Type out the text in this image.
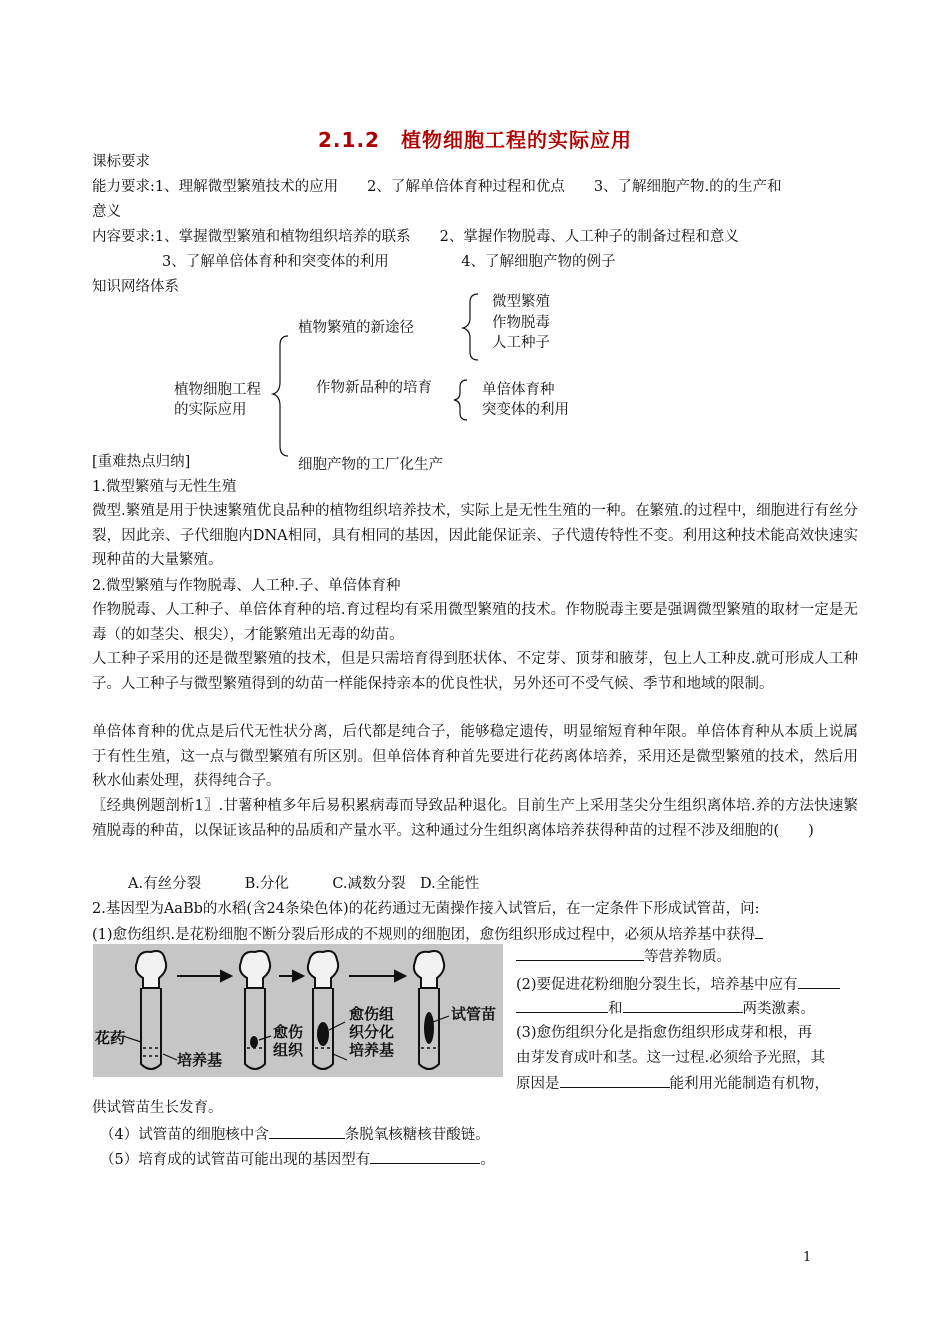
2.1.2　植物细胞工程的实际应用
课标要求
能力要求:1、理解微型繁殖技术的应用　　2、了解单倍体育种过程和优点　　3、了解细胞产物.的的生产和
意义
内容要求:1、掌握微型繁殖和植物组织培养的联系　　2、掌握作物脱毒、人工种子的制备过程和意义
3、了解单倍体育种和突变体的利用　　　　　4、了解细胞产物的例子
知识网络体系
植物细胞工程
的实际应用
植物繁殖的新途径
微型繁殖
作物脱毒
人工种子
作物新品种的培育	单倍体育种
突变体的利用
细胞产物的工厂化生产
[重难热点归纳]
1.微型繁殖与无性生殖
微型.繁殖是用于快速繁殖优良品种的植物组织培养技术，实际上是无性生殖的一种。在繁殖.的过程中，细胞进行有丝分裂，因此亲、子代细胞内DNA相同，具有相同的基因，因此能保证亲、子代遗传特性不变。利用这种技术能高效快速实现种苗的大量繁殖。
2.微型繁殖与作物脱毒、人工种.子、单倍体育种
作物脱毒、人工种子、单倍体育种的培.育过程均有采用微型繁殖的技术。作物脱毒主要是强调微型繁殖的取材一定是无毒（的如茎尖、根尖），才能繁殖出无毒的幼苗。
人工种子采用的还是微型繁殖的技术，但是只需培育得到胚状体、不定芽、顶芽和腋芽，包上人工种皮.就可形成人工种子。人工种子与微型繁殖得到的幼苗一样能保持亲本的优良性状，另外还可不受气候、季节和地域的限制。
单倍体育种的优点是后代无性状分离，后代都是纯合子，能够稳定遗传，明显缩短育种年限。单倍体育种从本质上说属于有性生殖，这一点与微型繁殖有所区别。但单倍体育种首先要进行花药离体培养，采用还是微型繁殖的技术，然后用秋水仙素处理，获得纯合子。
〖经典例题剖析1〗.甘薯种植多年后易积累病毒而导致品种退化。目前生产上采用茎尖分生组织离体培.养的方法快速繁殖脱毒的种苗，以保证该品种的品质和产量水平。这种通过分生组织离体培养获得种苗的过程不涉及细胞的(　　)
A.有丝分裂　　　B.分化　　　C.减数分裂　D.全能性
2.基因型为AaBb的水稻(含24条染色体)的花药通过无菌操作接入试管后，在一定条件下形成试管苗，问:
(1)愈伤组织.是花粉细胞不断分裂后形成的不规则的细胞团，愈伤组织形成过程中，必须从培养基中获得
等营养物质。
(2)要促进花粉细胞分裂生长，培养基中应有
和	两类激素。
(3)愈伤组织分化是指愈伤组织形成芽和根，再
由芽发育成叶和茎。这一过程.必须给予光照，其
原因是	能利用光能制造有机物，
供试管苗生长发育。
（4）试管苗的细胞核中含	条脱氧核糖核苷酸链。
（5）培育成的试管苗可能出现的基因型有	。
花药
培养基
愈伤
组织
愈伤组
织分化
培养基
试管苗
1
